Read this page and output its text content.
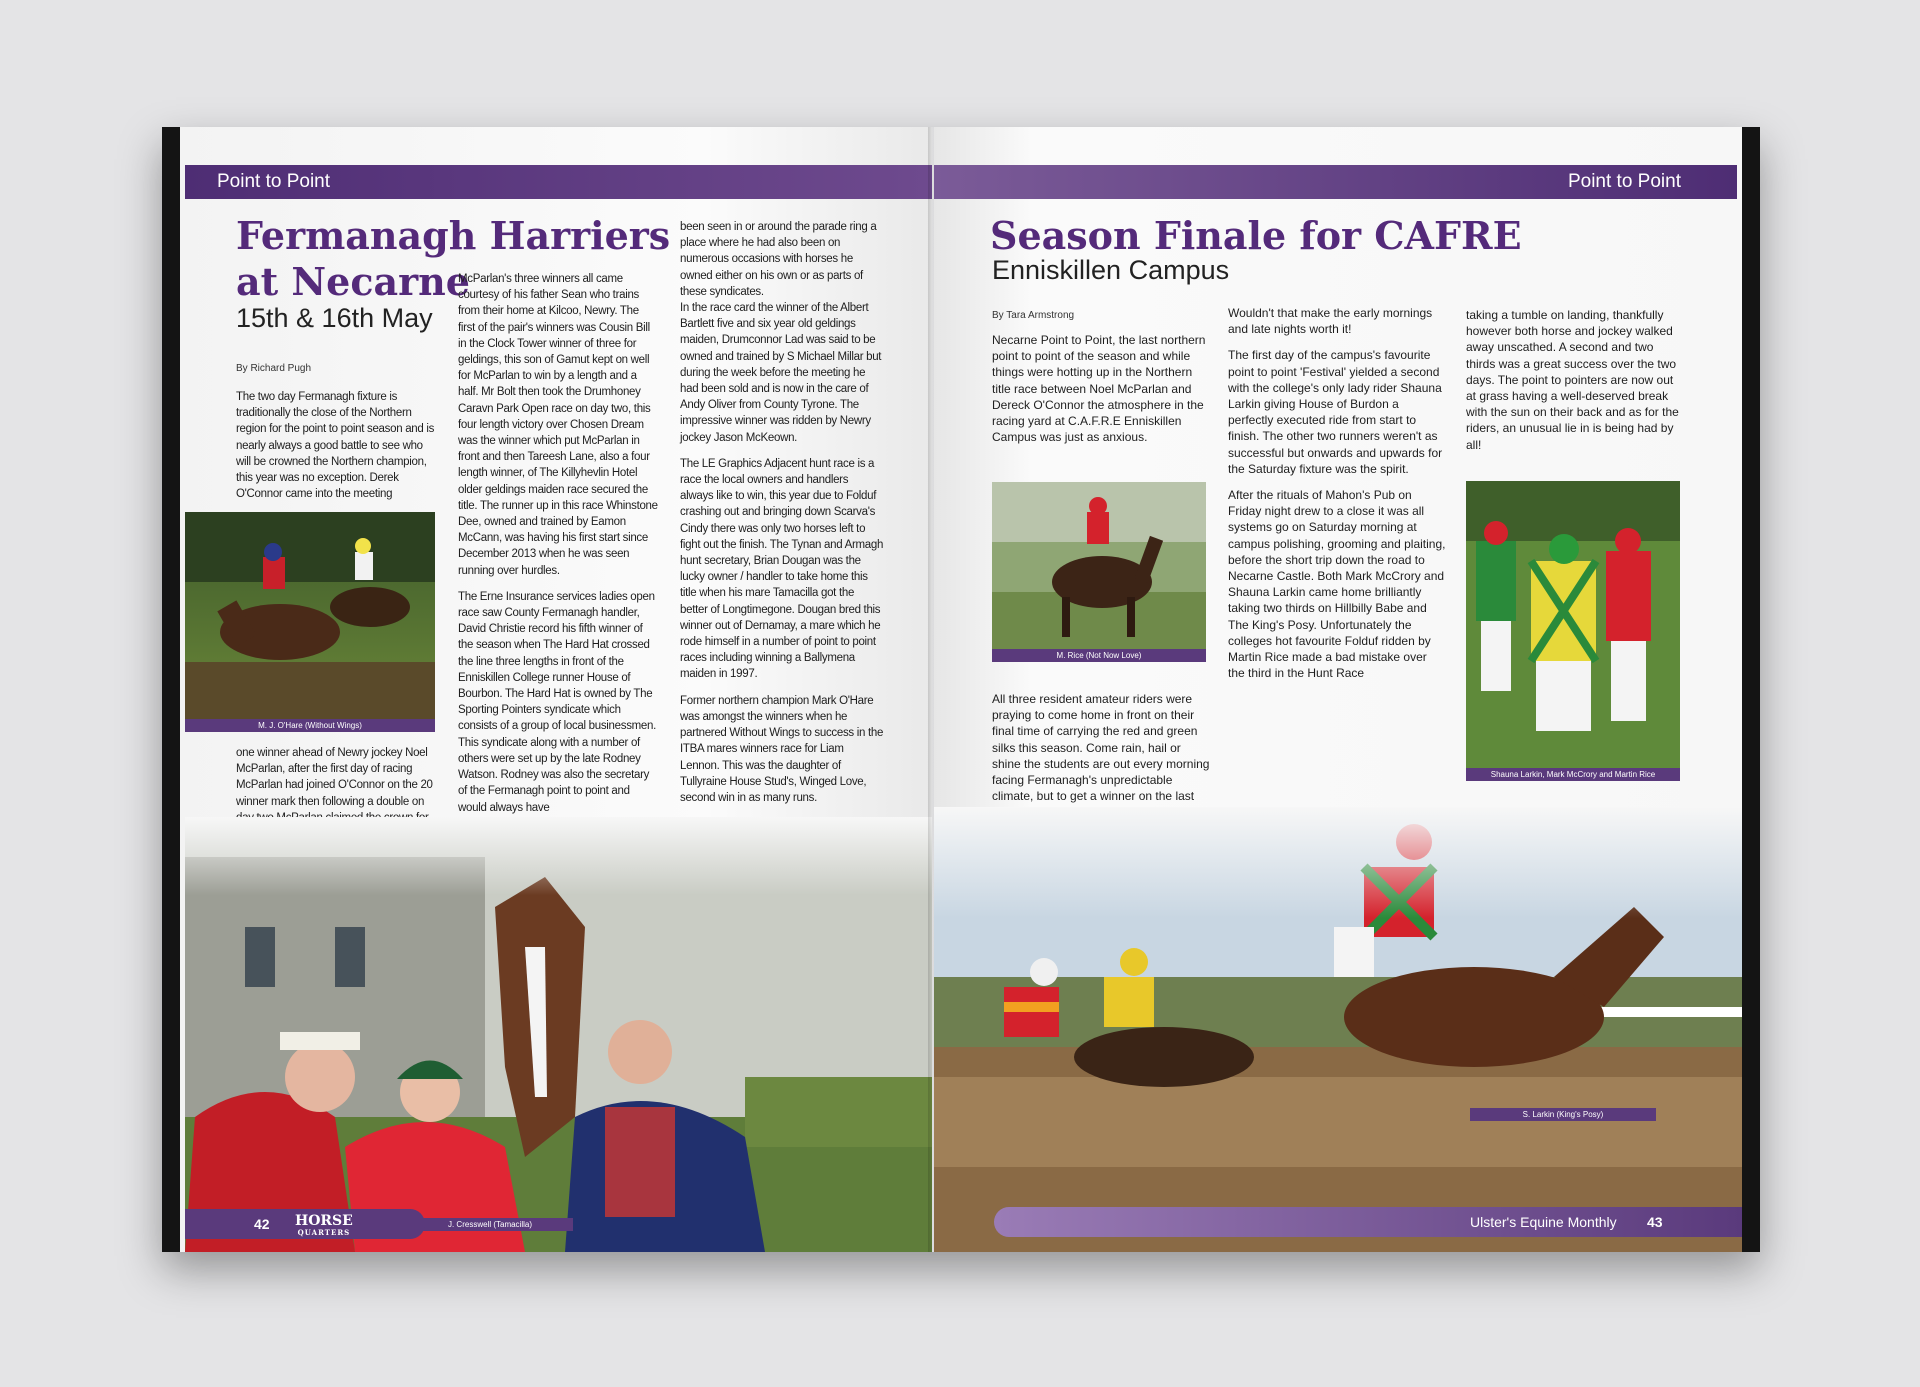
Point to Point
Fermanagh Harriers
at Necarne
15th & 16th May
By Richard Pugh

The two day Fermanagh fixture is traditionally the close of the Northern region for the point to point season and is nearly always a good battle to see who will be crowned the Northern champion, this year was no exception. Derek O'Connor came into the meeting

M. J. O'Hare (Without Wings)

one winner ahead of Newry jockey Noel McParlan, after the first day of racing McParlan had joined O'Connor on the 20 winner mark then following a double on

McParlan's three winners all came courtesy of his father Sean who trains from their home at Kilcoo, Newry. The first of the pair's winners was Cousin Bill in the Clock Tower winner of three for geldings, this son of Gamut kept on well for McParlan to win by a length and a half. Mr Bolt then took the Drumhoney Caravn Park Open race on day two, this four length victory over Chosen Dream was the winner which put McParlan in front and then Tareesh Lane, also a four length winner, of The Killyhevlin Hotel older geldings maiden race secured the title. The runner up in this race Whinstone Dee, owned and trained by Eamon McCann, was having his first start since December 2013 when he was seen running over hurdles.

The Erne Insurance services ladies open race saw County Fermanagh handler, David Christie record his fifth winner of the season when The Hard Hat crossed the line three lengths in front of the Enniskillen College runner House of Bourbon. The Hard Hat is owned by The Sporting Pointers syndicate which consists of a group of local businessmen. This syndicate along with a number of others were set up by the late Rodney Watson. Rodney was also the secretary of the Fermanagh point to point and would always have

been seen in or around the parade ring a place where he had also been on numerous occasions with horses he owned either on his own or as parts of these syndicates.

In the race card the winner of the Albert Bartlett five and six year old geldings maiden, Drumconnor Lad was said to be owned and trained by S Michael Millar but during the week before the meeting he had been sold and is now in the care of Andy Oliver from County Tyrone. The impressive winner was ridden by Newry jockey Jason McKeown.

The LE Graphics Adjacent hunt race is a race the local owners and handlers always like to win, this year due to Folduf crashing out and bringing down Scarva's Cindy there was only two horses left to fight out the finish. The Tynan and Armagh hunt secretary, Brian Dougan was the lucky owner / handler to take home this title when his mare Tamacilla got the better of Longtimegone. Dougan bred this winner out of Dernamay, a mare which he rode himself in a number of point to point races including winning a Ballymena maiden in 1997.

Former northern champion Mark O'Hare was amongst the winners when he partnered Without Wings to success in the ITBA mares winners race for Liam Lennon. This was the daughter of Tullyraine House Stud's, Winged Love, second win in as many runs.

J. Cresswell (Tamacilla)
42 HORSE
QUARTERS
Point to Point
Season Finale for CAFRE
Enniskillen Campus
By Tara Armstrong

Necarne Point to Point, the last northern point to point of the season and while things were hotting up in the Northern title race between Noel McParlan and Dereck O'Connor the atmosphere in the racing yard at C.A.F.R.E Enniskillen Campus was just as anxious.

M. Rice (Not Now Love)

All three resident amateur riders were praying to come home in front on their final time of carrying the red and green silks this season. Come rain, hail or shine the students are out every morning facing Fermanagh's unpredictable climate, but to get a winner on the last

Wouldn't that make the early mornings and late nights worth it!

The first day of the campus's favourite point to point 'Festival' yielded a second with the college's only lady rider Shauna Larkin giving House of Burdon a perfectly executed ride from start to finish. The other two runners weren't as successful but onwards and upwards for the Saturday fixture was the spirit.

After the rituals of Mahon's Pub on Friday night drew to a close it was all systems go on Saturday morning at campus polishing, grooming and plaiting, before the short trip down the road to Necarne Castle. Both Mark McCrory and Shauna Larkin came home brilliantly taking two thirds on Hillbilly Babe and The King's Posy. Unfortunately the colleges hot favourite Folduf ridden by Martin Rice made a bad mistake over the third in the Hunt Race

taking a tumble on landing, thankfully however both horse and jockey walked away unscathed. A second and two thirds was a great success over the two days. The point to pointers are now out at grass having a well-deserved break with the sun on their back and as for the riders, an unusual lie in is being had by all!

Shauna Larkin, Mark McCrory and Martin Rice
S. Larkin (King's Posy)
Ulster's Equine Monthly 43
